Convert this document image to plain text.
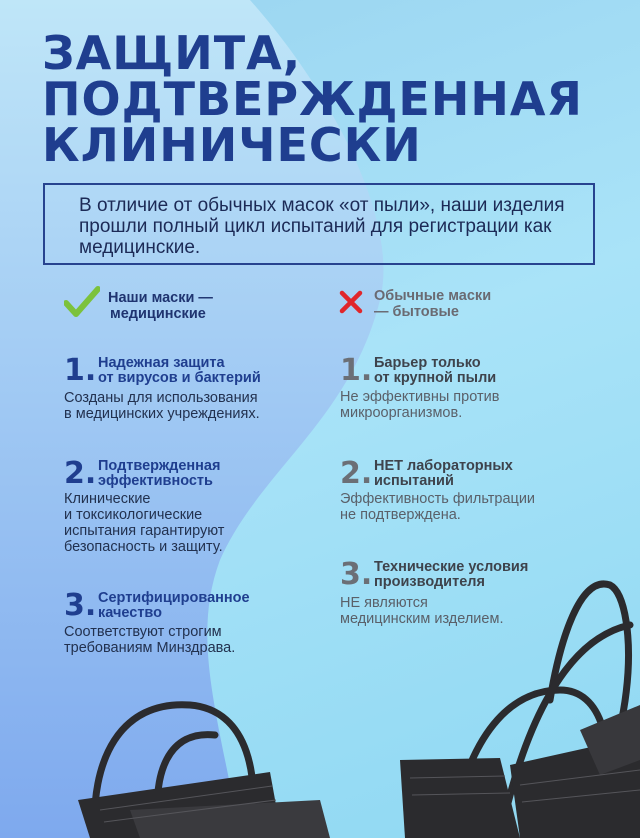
ЗАЩИТА,
ПОДТВЕРЖДЕННАЯ
КЛИНИЧЕСКИ
В отличие от обычных масок «от пыли», наши изделия прошли полный цикл испытаний для регистрации как медицинские.
Наши маски —
медицинские
Обычные маски
— бытовые
1. Надежная защита
от вирусов и бактерий
Созданы для использования
в медицинских учреждениях.
2. Подтвержденная
эффективность
Клинические
и токсикологические
испытания гарантируют
безопасность и защиту.
3. Сертифицированное
качество
Соответствуют строгим
требованиям Минздрава.
1. Барьер только
от крупной пыли
Не эффективны против
микроорганизмов.
2. НЕТ лабораторных
испытаний
Эффективность фильтрации
не подтверждена.
3. Технические условия
производителя
НЕ являются
медицинским изделием.
